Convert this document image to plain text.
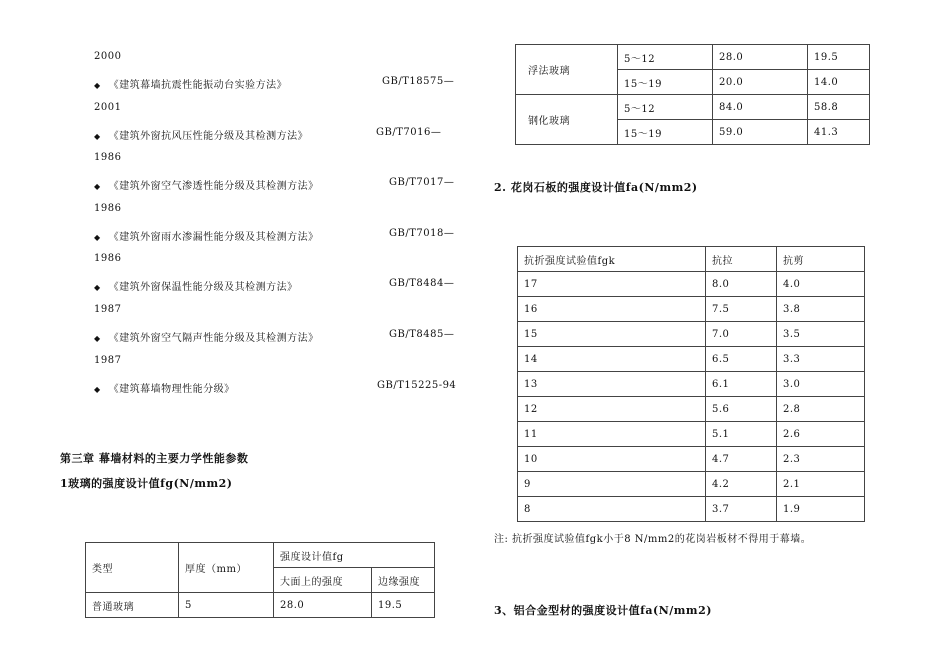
2000
◆ 《建筑幕墙抗震性能振动台实验方法》	GB/T18575—
2001
◆ 《建筑外窗抗风压性能分级及其检测方法》	GB/T7016—
1986
◆ 《建筑外窗空气渗透性能分级及其检测方法》	GB/T7017—
1986
◆ 《建筑外窗雨水渗漏性能分级及其检测方法》	GB/T7018—
1986
◆ 《建筑外窗保温性能分级及其检测方法》	GB/T8484—
1987
◆ 《建筑外窗空气隔声性能分级及其检测方法》	GB/T8485—
1987
◆ 《建筑幕墙物理性能分级》	GB/T15225-94
第三章 幕墙材料的主要力学性能参数
1玻璃的强度设计值fg(N/mm2)
类型	厚度（mm）	强度设计值fg	
		大面上的强度	边缘强度
普通玻璃	5	28.0	19.5
浮法玻璃	5～12	28.0	19.5
	15～19	20.0	14.0
钢化玻璃	5～12	84.0	58.8
	15～19	59.0	41.3
2. 花岗石板的强度设计值fa(N/mm2)
抗折强度试验值fgk	抗拉	抗剪
17	8.0	4.0
16	7.5	3.8
15	7.0	3.5
14	6.5	3.3
13	6.1	3.0
12	5.6	2.8
11	5.1	2.6
10	4.7	2.3
9	4.2	2.1
8	3.7	1.9
注: 抗折强度试验值fgk小于8 N/mm2的花岗岩板材不得用于幕墙。
3、铝合金型材的强度设计值fa(N/mm2)
